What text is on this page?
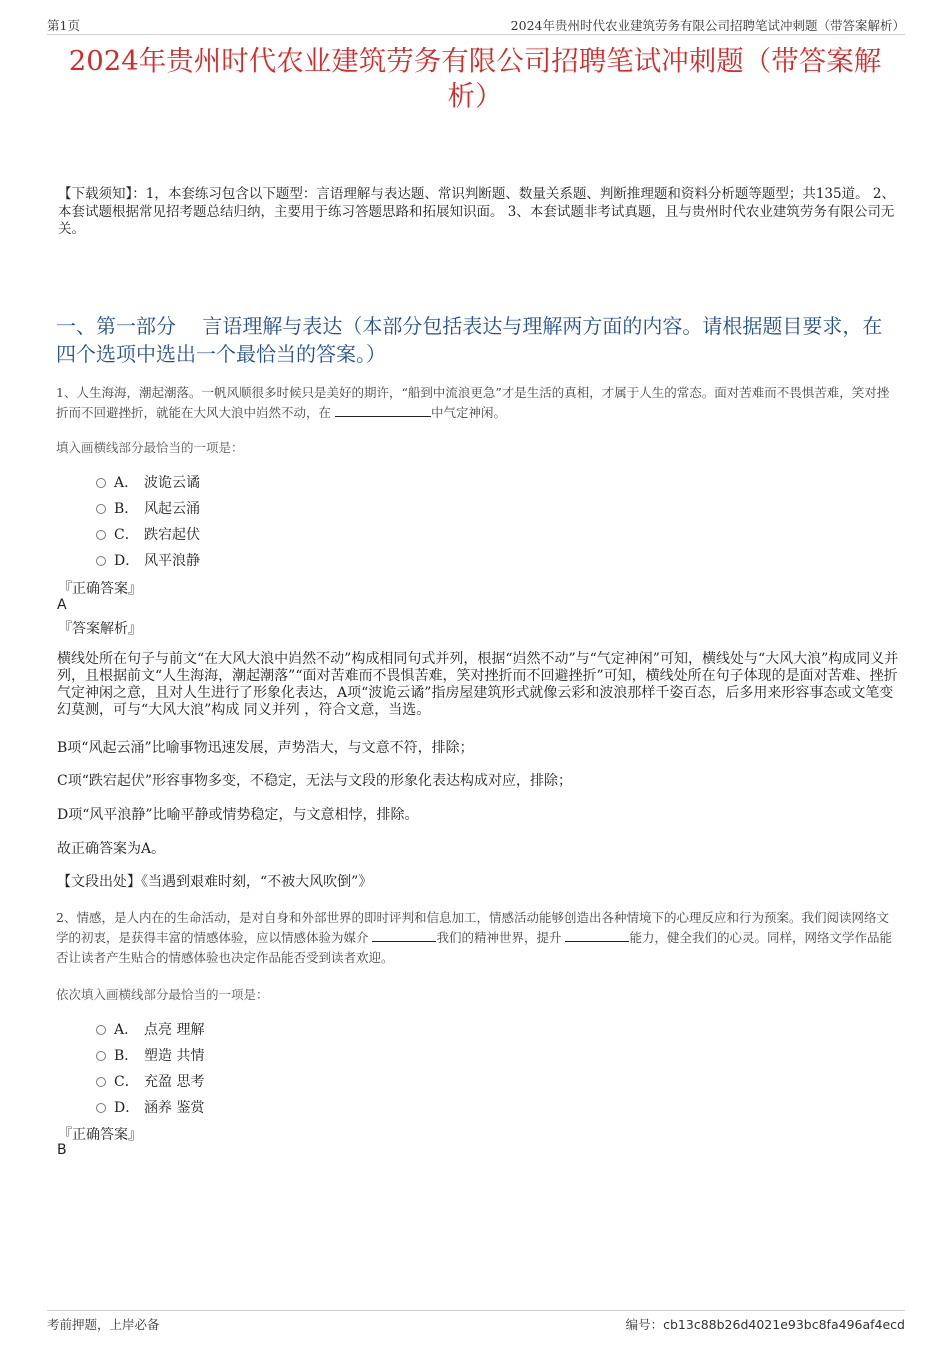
第1页	2024年贵州时代农业建筑劳务有限公司招聘笔试冲刺题（带答案解析）
2024年贵州时代农业建筑劳务有限公司招聘笔试冲刺题（带答案解析）
【下载须知】：1，本套练习包含以下题型：言语理解与表达题、常识判断题、数量关系题、判断推理题和资料分析题等题型；共135道。 2、本套试题根据常见招考题总结归纳，主要用于练习答题思路和拓展知识面。 3、本套试题非考试真题，且与贵州时代农业建筑劳务有限公司无关。
一、第一部分　 言语理解与表达（本部分包括表达与理解两方面的内容。请根据题目要求，在四个选项中选出一个最恰当的答案。）
1、人生海海，潮起潮落。一帆风顺很多时候只是美好的期许，“船到中流浪更急”才是生活的真相，才属于人生的常态。面对苦难而不畏惧苦难，笑对挫折而不回避挫折，就能在大风大浪中岿然不动，在	中气定神闲。
填入画横线部分最恰当的一项是：
A． 波诡云谲
B． 风起云涌
C． 跌宕起伏
D． 风平浪静
『正确答案』
A
『答案解析』
横线处所在句子与前文“在大风大浪中岿然不动”构成相同句式并列，根据“岿然不动”与“气定神闲”可知，横线处与“大风大浪”构成同义并列，且根据前文“人生海海，潮起潮落”“面对苦难而不畏惧苦难，笑对挫折而不回避挫折”可知，横线处所在句子体现的是面对苦难、挫折气定神闲之意，且对人生进行了形象化表达，A项“波诡云谲”指房屋建筑形式就像云彩和波浪那样千姿百态，后多用来形容事态或文笔变幻莫测，可与“大风大浪”构成 同义并列 ，符合文意，当选。
B项“风起云涌”比喻事物迅速发展，声势浩大，与文意不符，排除；
C项“跌宕起伏”形容事物多变，不稳定，无法与文段的形象化表达构成对应，排除；
D项“风平浪静”比喻平静或情势稳定，与文意相悖，排除。
故正确答案为A。
【文段出处】《当遇到艰难时刻，“不被大风吹倒”》
2、情感，是人内在的生命活动，是对自身和外部世界的即时评判和信息加工，情感活动能够创造出各种情境下的心理反应和行为预案。我们阅读网络文学的初衷，是获得丰富的情感体验，应以情感体验为媒介	我们的精神世界，提升	能力，健全我们的心灵。同样，网络文学作品能否让读者产生贴合的情感体验也决定作品能否受到读者欢迎。
依次填入画横线部分最恰当的一项是：
A． 点亮 理解
B． 塑造 共情
C． 充盈 思考
D． 涵养 鉴赏
『正确答案』
B
考前押题，上岸必备	编号：cb13c88b26d4021e93bc8fa496af4ecd
